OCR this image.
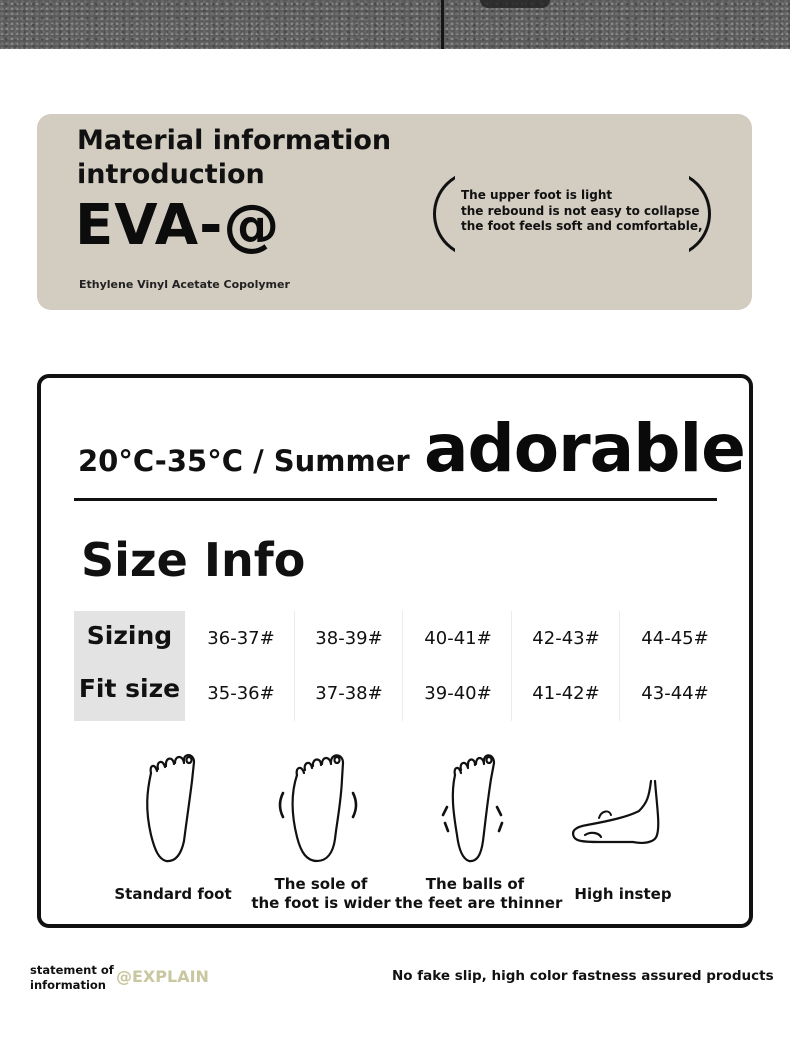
Material information
introduction
EVA-@
Ethylene Vinyl Acetate Copolymer
The upper foot is light
the rebound is not easy to collapse
the foot feels soft and comfortable,
20°C-35°C / Summer adorable
Size Info
Sizing
Fit size
36-37#
35-36#
38-39#
37-38#
40-41#
39-40#
42-43#
41-42#
44-45#
43-44#
Standard foot
The sole of
the foot is wider
The balls of
the feet are thinner High instep
statement of
information @EXPLAIN	No fake slip, high color fastness assured products
